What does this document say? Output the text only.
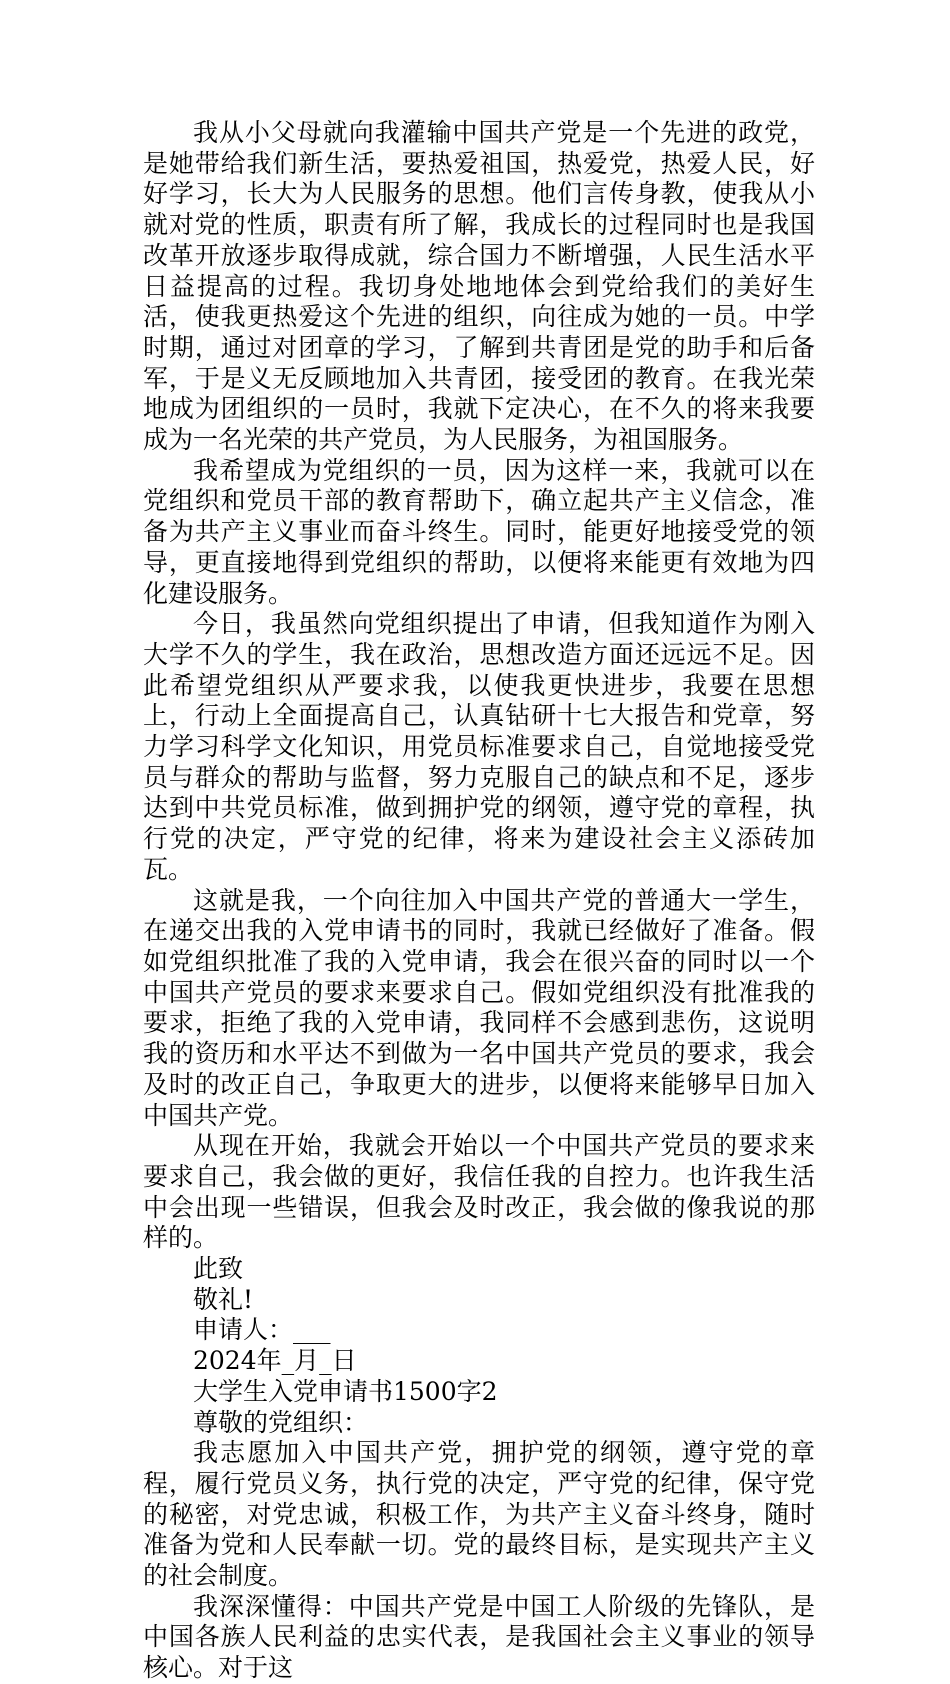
我从小父母就向我灌输中国共产党是一个先进的政党，是她带给我们新生活，要热爱祖国，热爱党，热爱人民，好好学习，长大为人民服务的思想。他们言传身教，使我从小就对党的性质，职责有所了解，我成长的过程同时也是我国改革开放逐步取得成就，综合国力不断增强，人民生活水平日益提高的过程。我切身处地地体会到党给我们的美好生活，使我更热爱这个先进的组织，向往成为她的一员。中学时期，通过对团章的学习，了解到共青团是党的助手和后备军，于是义无反顾地加入共青团，接受团的教育。在我光荣地成为团组织的一员时，我就下定决心，在不久的将来我要成为一名光荣的共产党员，为人民服务，为祖国服务。

我希望成为党组织的一员，因为这样一来，我就可以在党组织和党员干部的教育帮助下，确立起共产主义信念，准备为共产主义事业而奋斗终生。同时，能更好地接受党的领导，更直接地得到党组织的帮助，以便将来能更有效地为四化建设服务。

今日，我虽然向党组织提出了申请，但我知道作为刚入大学不久的学生，我在政治，思想改造方面还远远不足。因此希望党组织从严要求我，以使我更快进步，我要在思想上，行动上全面提高自己，认真钻研十七大报告和党章，努力学习科学文化知识，用党员标准要求自己，自觉地接受党员与群众的帮助与监督，努力克服自己的缺点和不足，逐步达到中共党员标准，做到拥护党的纲领，遵守党的章程，执行党的决定，严守党的纪律，将来为建设社会主义添砖加瓦。

这就是我，一个向往加入中国共产党的普通大一学生，在递交出我的入党申请书的同时，我就已经做好了准备。假如党组织批准了我的入党申请，我会在很兴奋的同时以一个中国共产党员的要求来要求自己。假如党组织没有批准我的要求，拒绝了我的入党申请，我同样不会感到悲伤，这说明我的资历和水平达不到做为一名中国共产党员的要求，我会及时的改正自己，争取更大的进步，以便将来能够早日加入中国共产党。

从现在开始，我就会开始以一个中国共产党员的要求来要求自己，我会做的更好，我信任我的自控力。也许我生活中会出现一些错误，但我会及时改正，我会做的像我说的那样的。

此致

敬礼!

申请人：___

2024年_月_日

大学生入党申请书1500字2

尊敬的党组织：

我志愿加入中国共产党，拥护党的纲领，遵守党的章程，履行党员义务，执行党的决定，严守党的纪律，保守党的秘密，对党忠诚，积极工作，为共产主义奋斗终身，随时准备为党和人民奉献一切。党的最终目标，是实现共产主义的社会制度。

我深深懂得：中国共产党是中国工人阶级的先锋队，是中国各族人民利益的忠实代表，是我国社会主义事业的领导核心。对于这
